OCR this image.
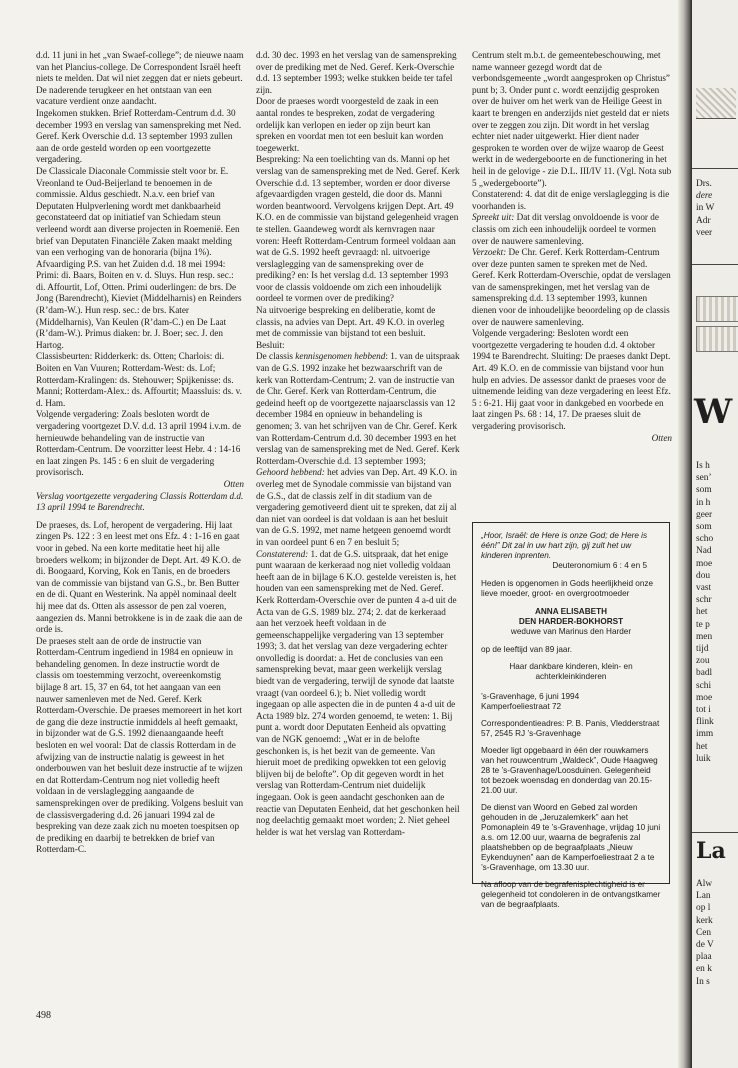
d.d. 11 juni in het „van Swaef-college”; de nieuwe naam van het Plancius-college. De Correspondent Israël heeft niets te melden. Dat wil niet zeggen dat er niets gebeurt. De naderende terugkeer en het ontstaan van een vacature verdient onze aandacht.

Ingekomen stukken. Brief Rotterdam-Centrum d.d. 30 december 1993 en verslag van samenspreking met Ned. Geref. Kerk Overschie d.d. 13 september 1993 zullen aan de orde gesteld worden op een voortgezette vergadering.

De Classicale Diaconale Commissie stelt voor br. E. Vreonland te Oud-Beijerland te benoemen in de commissie. Aldus geschiedt. N.a.v. een brief van Deputaten Hulpverlening wordt met dankbaarheid geconstateerd dat op initiatief van Schiedam steun verleend wordt aan diverse projecten in Roemenië. Een brief van Deputaten Financiële Zaken maakt melding van een verhoging van de honoraria (bijna 1%).

Afvaardiging P.S. van het Zuiden d.d. 18 mei 1994: Primi: di. Baars, Boiten en v. d. Sluys. Hun resp. sec.: di. Affourtit, Lof, Otten. Primi ouderlingen: de brs. De Jong (Barendrecht), Kieviet (Middelharnis) en Reinders (R’dam-W.). Hun resp. sec.: de brs. Kater (Middelharnis), Van Keulen (R’dam-C.) en De Laat (R’dam-W.). Primus diaken: br. J. Boer; sec. J. den Hartog.

Classisbeurten: Ridderkerk: ds. Otten; Charlois: di. Boiten en Van Vuuren; Rotterdam-West: ds. Lof; Rotterdam-Kralingen: ds. Stehouwer; Spijkenisse: ds. Manni; Rotterdam-Alex.: ds. Affourtit; Maassluis: ds. v. d. Ham.

Volgende vergadering: Zoals besloten wordt de vergadering voortgezet D.V. d.d. 13 april 1994 i.v.m. de hernieuwde behandeling van de instructie van Rotterdam-Centrum. De voorzitter leest Hebr. 4 : 14-16 en laat zingen Ps. 145 : 6 en sluit de vergadering provisorisch.

Otten

Verslag voortgezette vergadering Classis Rotterdam d.d. 13 april 1994 te Barendrecht.

De praeses, ds. Lof, heropent de vergadering. Hij laat zingen Ps. 122 : 3 en leest met ons Efz. 4 : 1-16 en gaat voor in gebed. Na een korte meditatie heet hij alle broeders welkom; in bijzonder de Dept. Art. 49 K.O. de di. Boogaard, Korving, Kok en Tanis, en de broeders van de commissie van bijstand van G.S., br. Ben Butter en de di. Quant en Westerink. Na appèl nominaal deelt hij mee dat ds. Otten als assessor de pen zal voeren, aangezien ds. Manni betrokkene is in de zaak die aan de orde is.

De praeses stelt aan de orde de instructie van Rotterdam-Centrum ingediend in 1984 en opnieuw in behandeling genomen. In deze instructie wordt de classis om toestemming verzocht, overeenkomstig bijlage 8 art. 15, 37 en 64, tot het aangaan van een nauwer samenleven met de Ned. Geref. Kerk Rotterdam-Overschie. De praeses memoreert in het kort de gang die deze instructie inmiddels al heeft gemaakt, in bijzonder wat de G.S. 1992 dienaangaande heeft besloten en wel vooral: Dat de classis Rotterdam in de afwijzing van de instructie nalatig is geweest in het onderbouwen van het besluit deze instructie af te wijzen en dat Rotterdam-Centrum nog niet volledig heeft voldaan in de verslaglegging aangaande de samensprekingen over de prediking. Volgens besluit van de classisvergadering d.d. 26 januari 1994 zal de bespreking van deze zaak zich nu moeten toespitsen op de prediking en daarbij te betrekken de brief van Rotterdam-C.

d.d. 30 dec. 1993 en het verslag van de samenspreking over de prediking met de Ned. Geref. Kerk-Overschie d.d. 13 september 1993; welke stukken beide ter tafel zijn.

Door de praeses wordt voorgesteld de zaak in een aantal rondes te bespreken, zodat de vergadering ordelijk kan verlopen en ieder op zijn beurt kan spreken en voordat men tot een besluit kan worden toegewerkt.

Bespreking: Na een toelichting van ds. Manni op het verslag van de samenspreking met de Ned. Geref. Kerk Overschie d.d. 13 september, worden er door diverse afgevaardigden vragen gesteld, die door ds. Manni worden beantwoord. Vervolgens krijgen Dept. Art. 49 K.O. en de commissie van bijstand gelegenheid vragen te stellen. Gaandeweg wordt als kernvragen naar voren: Heeft Rotterdam-Centrum formeel voldaan aan wat de G.S. 1992 heeft gevraagd: nl. uitvoerige verslaglegging van de samenspreking over de prediking? en: Is het verslag d.d. 13 september 1993 voor de classis voldoende om zich een inhoudelijk oordeel te vormen over de prediking?

Na uitvoerige bespreking en deliberatie, komt de classis, na advies van Dept. Art. 49 K.O. in overleg met de commissie van bijstand tot een besluit.

Besluit:

De classis kennisgenomen hebbend: 1. van de uitspraak van de G.S. 1992 inzake het bezwaarschrift van de kerk van Rotterdam-Centrum; 2. van de instructie van de Chr. Geref. Kerk van Rotterdam-Centrum, die gedeind heeft op de voortgezette najaarsclassis van 12 december 1984 en opnieuw in behandeling is genomen; 3. van het schrijven van de Chr. Geref. Kerk van Rotterdam-Centrum d.d. 30 december 1993 en het verslag van de samenspreking met de Ned. Geref. Kerk Rotterdam-Overschie d.d. 13 september 1993;

Gehoord hebbend: het advies van Dep. Art. 49 K.O. in overleg met de Synodale commissie van bijstand van de G.S., dat de classis zelf in dit stadium van de vergadering gemotiveerd dient uit te spreken, dat zij al dan niet van oordeel is dat voldaan is aan het besluit van de G.S. 1992, met name hetgeen genoemd wordt in van oordeel punt 6 en 7 en besluit 5;

Constaterend: 1. dat de G.S. uitspraak, dat het enige punt waaraan de kerkeraad nog niet volledig voldaan heeft aan de in bijlage 6 K.O. gestelde vereisten is, het houden van een samenspreking met de Ned. Geref. Kerk Rotterdam-Overschie over de punten 4 a-d uit de Acta van de G.S. 1989 blz. 274; 2. dat de kerkeraad aan het verzoek heeft voldaan in de gemeenschappelijke vergadering van 13 september 1993; 3. dat het verslag van deze vergadering echter onvolledig is doordat: a. Het de conclusies van een samenspreking bevat, maar geen werkelijk verslag biedt van de vergadering, terwijl de synode dat laatste vraagt (van oordeel 6.); b. Niet volledig wordt ingegaan op alle aspecten die in de punten 4 a-d uit de Acta 1989 blz. 274 worden genoemd, te weten: 1. Bij punt a. wordt door Deputaten Eenheid als opvatting van de NGK genoemd: „Wat er in de belofte geschonken is, is het bezit van de gemeente. Van hieruit moet de prediking opwekken tot een gelovig blijven bij de belofte”. Op dit gegeven wordt in het verslag van Rotterdam-Centrum niet duidelijk ingegaan. Ook is geen aandacht geschonken aan de reactie van Deputaten Eenheid, dat het geschonken heil nog deelachtig gemaakt moet worden; 2. Niet geheel helder is wat het verslag van Rotterdam-

Centrum stelt m.b.t. de gemeentebeschouwing, met name wanneer gezegd wordt dat de verbondsgemeente „wordt aangesproken op Christus” punt b; 3. Onder punt c. wordt eenzijdig gesproken over de huiver om het werk van de Heilige Geest in kaart te brengen en anderzijds niet gesteld dat er niets over te zeggen zou zijn. Dit wordt in het verslag echter niet nader uitgewerkt. Hier dient nader gesproken te worden over de wijze waarop de Geest werkt in de wedergeboorte en de functionering in het heil in de gelovige - zie D.L. III/IV 11. (Vgl. Nota sub 5 „wedergeboorte”).

Constaterend: 4. dat dit de enige verslaglegging is die voorhanden is.

Spreekt uit: Dat dit verslag onvoldoende is voor de classis om zich een inhoudelijk oordeel te vormen over de nauwere samenleving.

Verzoekt: De Chr. Geref. Kerk Rotterdam-Centrum over deze punten samen te spreken met de Ned. Geref. Kerk Rotterdam-Overschie, opdat de verslagen van de samensprekingen, met het verslag van de samenspreking d.d. 13 september 1993, kunnen dienen voor de inhoudelijke beoordeling op de classis over de nauwere samenleving.

Volgende vergadering: Besloten wordt een voortgezette vergadering te houden d.d. 4 oktober 1994 te Barendrecht. Sluiting: De praeses dankt Dept. Art. 49 K.O. en de commissie van bijstand voor hun hulp en advies. De assessor dankt de praeses voor de uitnemende leiding van deze vergadering en leest Efz. 5 : 6-21. Hij gaat voor in dankgebed en voorbede en laat zingen Ps. 68 : 14, 17. De praeses sluit de vergadering provisorisch.

Otten

„Hoor, Israël: de Here is onze God; de Here is één!” Dit zal in uw hart zijn, gij zult het uw kinderen inprenten.

Deuteronomium 6 : 4 en 5

Heden is opgenomen in Gods heerlijkheid onze lieve moeder, groot- en overgrootmoeder

ANNA ELISABETH

DEN HARDER-BOKHORST

weduwe van Marinus den Harder

op de leeftijd van 89 jaar.

Haar dankbare kinderen, klein- en achterkleinkinderen

’s-Gravenhage, 6 juni 1994

Kamperfoeliestraat 72

Correspondentieadres: P. B. Panis, Vledderstraat 57, 2545 RJ ’s-Gravenhage

Moeder ligt opgebaard in één der rouwkamers van het rouwcentrum „Waldeck”, Oude Haagweg 28 te ’s-Gravenhage/Loosduinen. Gelegenheid tot bezoek woensdag en donderdag van 20.15-21.00 uur.

De dienst van Woord en Gebed zal worden gehouden in de „Jeruzalemkerk” aan het Pomonaplein 49 te ’s-Gravenhage, vrijdag 10 juni a.s. om 12.00 uur, waarna de begrafenis zal plaatshebben op de begraafplaats „Nieuw Eykenduynen” aan de Kamperfoeliestraat 2 a te ’s-Gravenhage, om 13.30 uur.

Na afloop van de begrafenisplechtigheid is er gelegenheid tot condoleren in de ontvangstkamer van de begraafplaats.

498
Drs.
dere
in W
Adr
veer
W
Is h
sen’
som
in h
geer
som
scho
Nad
moe
dou
vast
schr
het
te p
men
tijd
zou
badl
schi
moe
tot i
flink
imm
het
luik
La
Alw
Lan
op l
kerk
Cen
de V
plaa
en k
In s
